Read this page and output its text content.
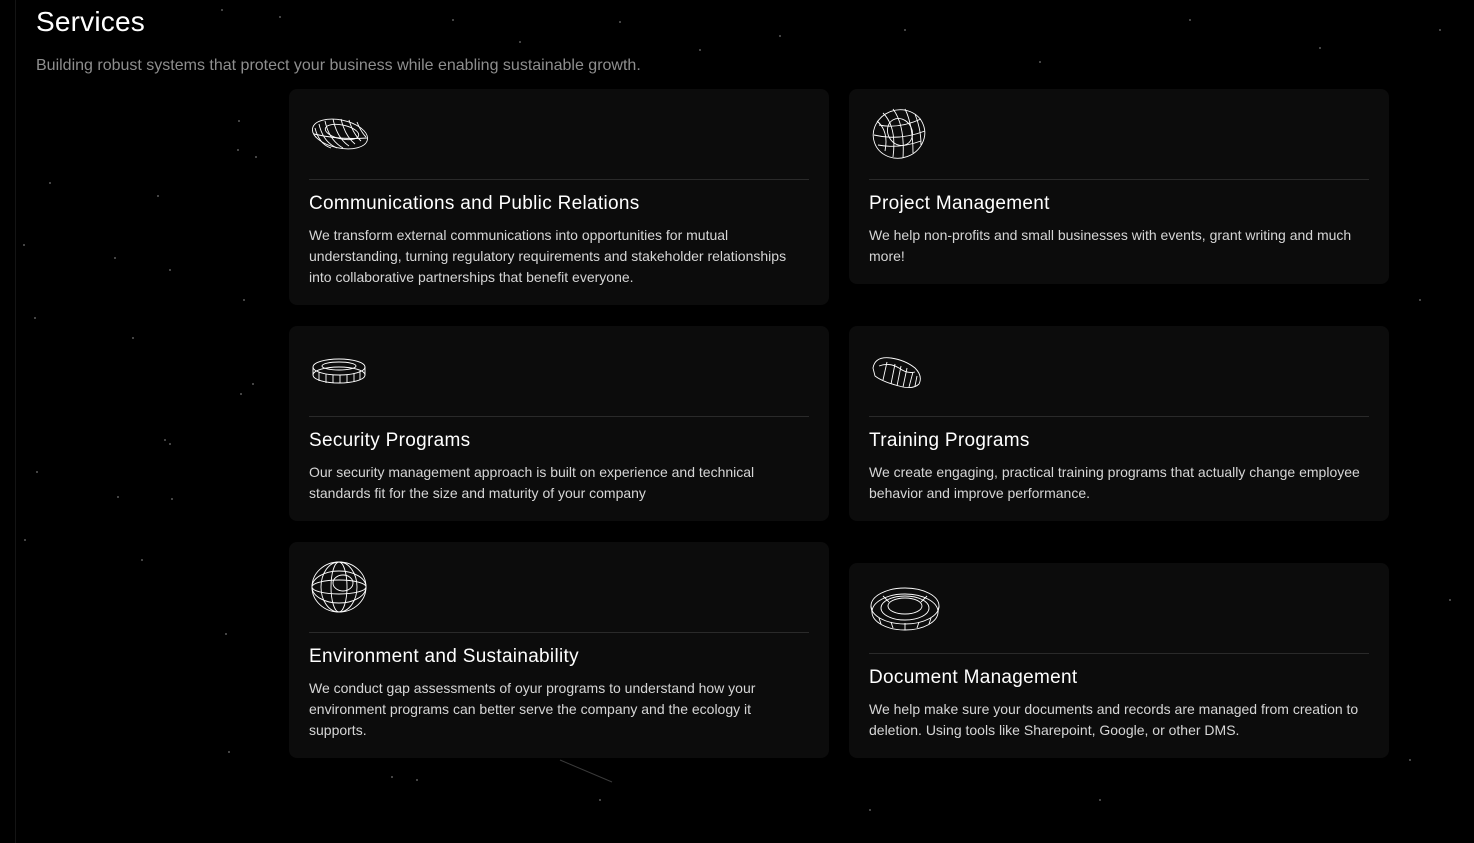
Services

Building robust systems that protect your business while enabling sustainable growth.

Communications and Public Relations

We transform external communications into opportunities for mutual understanding, turning regulatory requirements and stakeholder relationships into collaborative partnerships that benefit everyone.

Project Management

We help non-profits and small businesses with events, grant writing and much more!

Security Programs

Our security management approach is built on experience and technical standards fit for the size and maturity of your company

Training Programs

We create engaging, practical training programs that actually change employee behavior and improve performance.

Environment and Sustainability

We conduct gap assessments of oyur programs to understand how your environment programs can better serve the company and the ecology it supports.

Document Management

We help make sure your documents and records are managed from creation to deletion. Using tools like Sharepoint, Google, or other DMS.
